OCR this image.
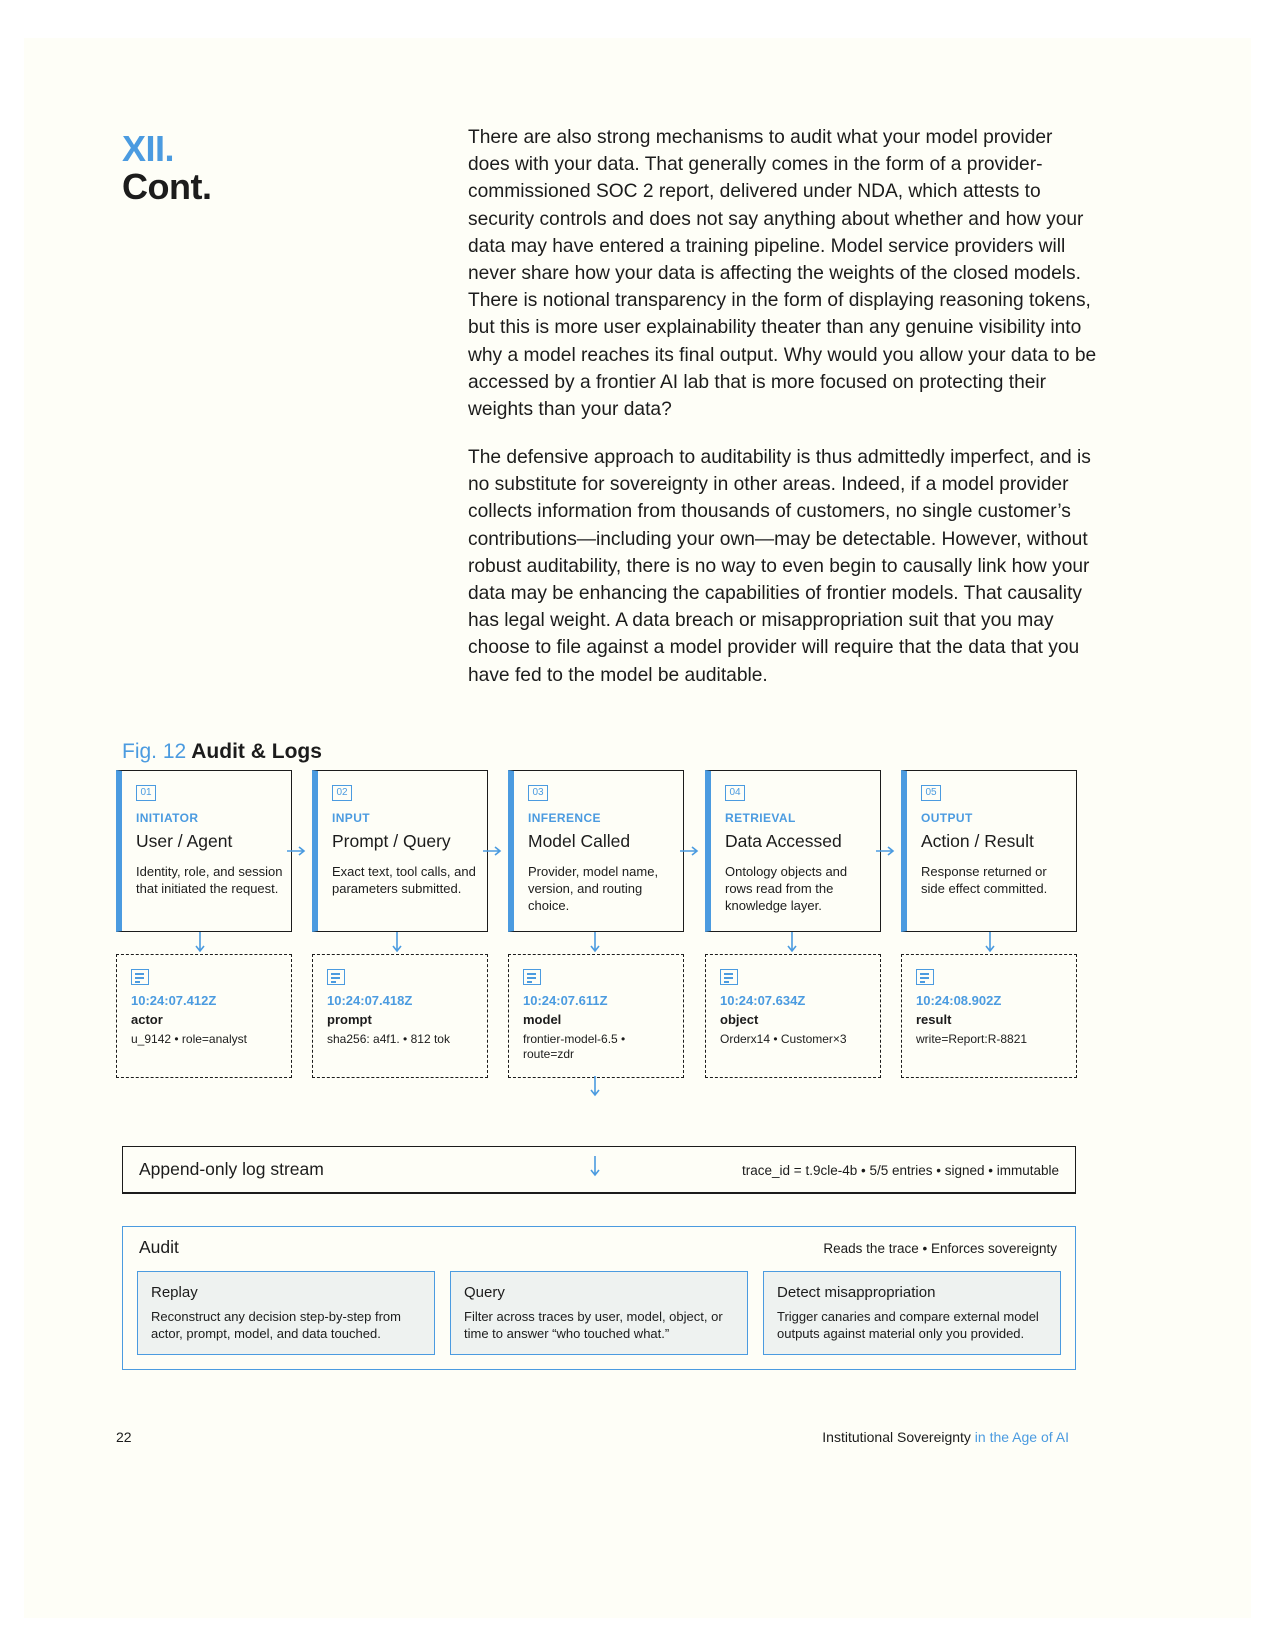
XII.
Cont.

There are also strong mechanisms to audit what your model provider does with your data. That generally comes in the form of a provider-commissioned SOC 2 report, delivered under NDA, which attests to security controls and does not say anything about whether and how your data may have entered a training pipeline. Model service providers will never share how your data is affecting the weights of the closed models. There is notional transparency in the form of displaying reasoning tokens, but this is more user explainability theater than any genuine visibility into why a model reaches its final output. Why would you allow your data to be accessed by a frontier AI lab that is more focused on protecting their weights than your data?

The defensive approach to auditability is thus admittedly imperfect, and is no substitute for sovereignty in other areas. Indeed, if a model provider collects information from thousands of customers, no single customer’s contributions—including your own—may be detectable. However, without robust auditability, there is no way to even begin to causally link how your data may be enhancing the capabilities of frontier models. That causality has legal weight. A data breach or misappropriation suit that you may choose to file against a model provider will require that the data that you have fed to the model be auditable.

Fig. 12 Audit & Logs
01
INITIATOR
User / Agent
Identity, role, and session that initiated the request.
02
INPUT
Prompt / Query
Exact text, tool calls, and parameters submitted.
03
INFERENCE
Model Called
Provider, model name, version, and routing choice.
04
RETRIEVAL
Data Accessed
Ontology objects and rows read from the knowledge layer.
05
OUTPUT
Action / Result
Response returned or side effect committed.
10:24:07.412Z
actor
u_9142 • role=analyst
10:24:07.418Z
prompt
sha256: a4f1. • 812 tok
10:24:07.611Z
model
frontier-model-6.5 • route=zdr
10:24:07.634Z
object
Orderx14 • Customer×3
10:24:08.902Z
result
write=Report:R-8821
Append-only log stream	trace_id = t.9cle-4b • 5/5 entries • signed • immutable
Audit	Reads the trace • Enforces sovereignty
Replay
Reconstruct any decision step-by-step from actor, prompt, model, and data touched.
Query
Filter across traces by user, model, object, or time to answer “who touched what.”
Detect misappropriation
Trigger canaries and compare external model outputs against material only you provided.
22	Institutional Sovereignty in the Age of AI
